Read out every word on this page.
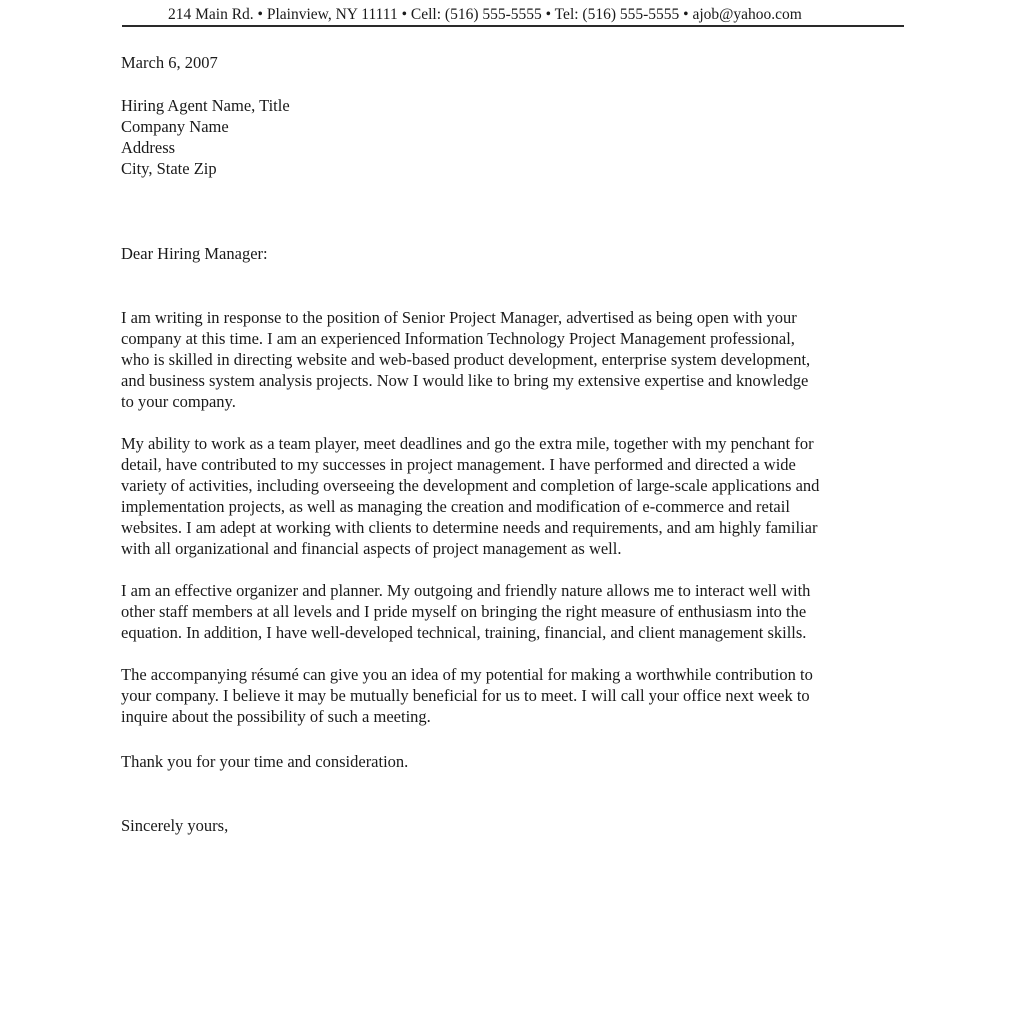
214 Main Rd. • Plainview, NY 11111 • Cell: (516) 555-5555 • Tel: (516) 555-5555 • ajob@yahoo.com
March 6, 2007
Hiring Agent Name, Title
Company Name
Address
City, State Zip
Dear Hiring Manager:
I am writing in response to the position of Senior Project Manager, advertised as being open with your
company at this time. I am an experienced Information Technology Project Management professional,
who is skilled in directing website and web-based product development, enterprise system development,
and business system analysis projects. Now I would like to bring my extensive expertise and knowledge
to your company.
My ability to work as a team player, meet deadlines and go the extra mile, together with my penchant for
detail, have contributed to my successes in project management. I have performed and directed a wide
variety of activities, including overseeing the development and completion of large-scale applications and
implementation projects, as well as managing the creation and modification of e-commerce and retail
websites. I am adept at working with clients to determine needs and requirements, and am highly familiar
with all organizational and financial aspects of project management as well.
I am an effective organizer and planner. My outgoing and friendly nature allows me to interact well with
other staff members at all levels and I pride myself on bringing the right measure of enthusiasm into the
equation. In addition, I have well-developed technical, training, financial, and client management skills.
The accompanying résumé can give you an idea of my potential for making a worthwhile contribution to
your company. I believe it may be mutually beneficial for us to meet. I will call your office next week to
inquire about the possibility of such a meeting.
Thank you for your time and consideration.
Sincerely yours,
